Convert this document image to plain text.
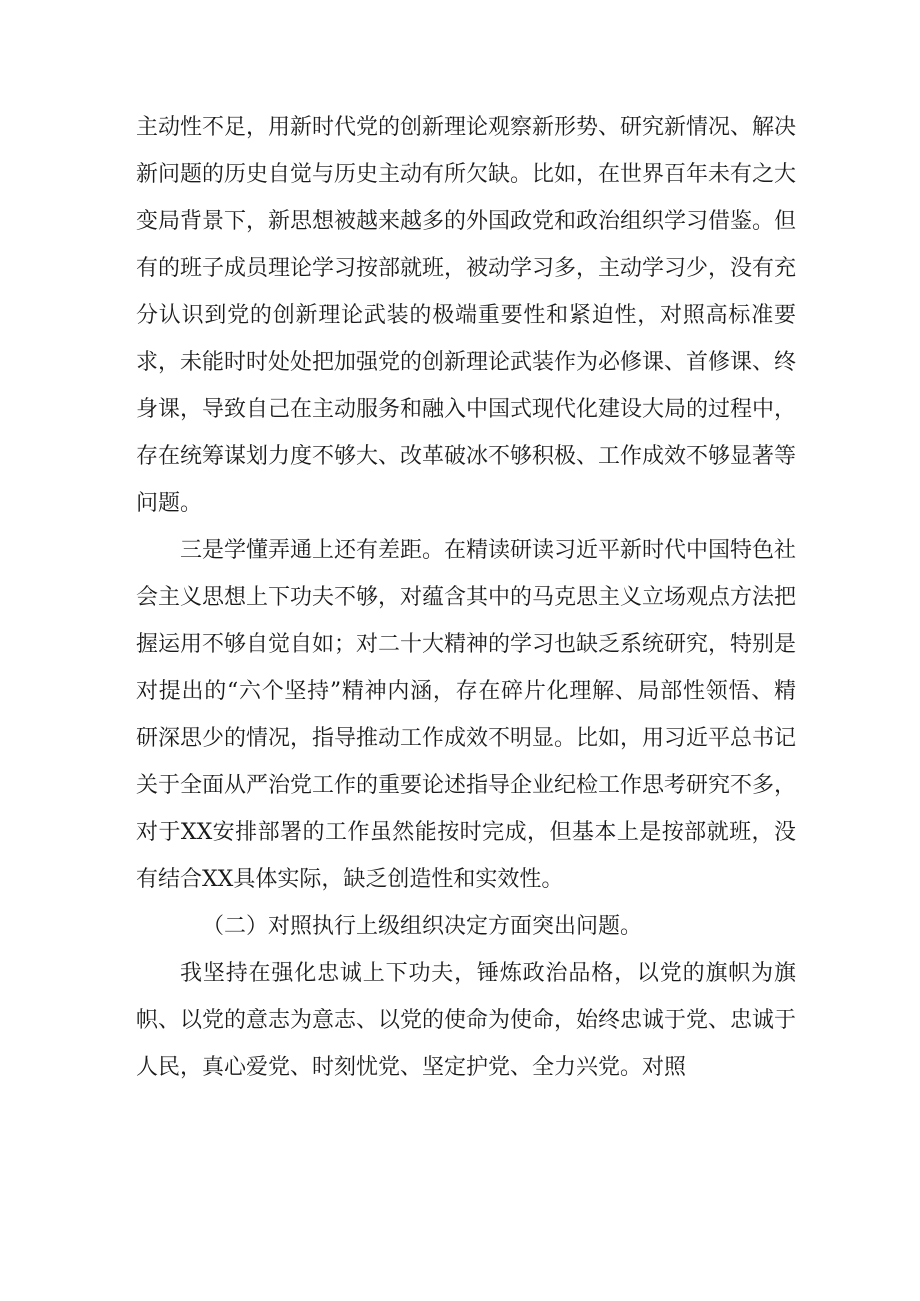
主动性不足，用新时代党的创新理论观察新形势、研究新情况、解决新问题的历史自觉与历史主动有所欠缺。比如，在世界百年未有之大变局背景下，新思想被越来越多的外国政党和政治组织学习借鉴。但有的班子成员理论学习按部就班，被动学习多，主动学习少，没有充分认识到党的创新理论武装的极端重要性和紧迫性，对照高标准要求，未能时时处处把加强党的创新理论武装作为必修课、首修课、终身课，导致自己在主动服务和融入中国式现代化建设大局的过程中，存在统筹谋划力度不够大、改革破冰不够积极、工作成效不够显著等问题。

三是学懂弄通上还有差距。在精读研读习近平新时代中国特色社会主义思想上下功夫不够，对蕴含其中的马克思主义立场观点方法把握运用不够自觉自如；对二十大精神的学习也缺乏系统研究，特别是对提出的“六个坚持”精神内涵，存在碎片化理解、局部性领悟、精研深思少的情况，指导推动工作成效不明显。比如，用习近平总书记关于全面从严治党工作的重要论述指导企业纪检工作思考研究不多，对于XX安排部署的工作虽然能按时完成，但基本上是按部就班，没有结合XX具体实际，缺乏创造性和实效性。

（二）对照执行上级组织决定方面突出问题。

我坚持在强化忠诚上下功夫，锤炼政治品格，以党的旗帜为旗帜、以党的意志为意志、以党的使命为使命，始终忠诚于党、忠诚于人民，真心爱党、时刻忧党、坚定护党、全力兴党。对照
